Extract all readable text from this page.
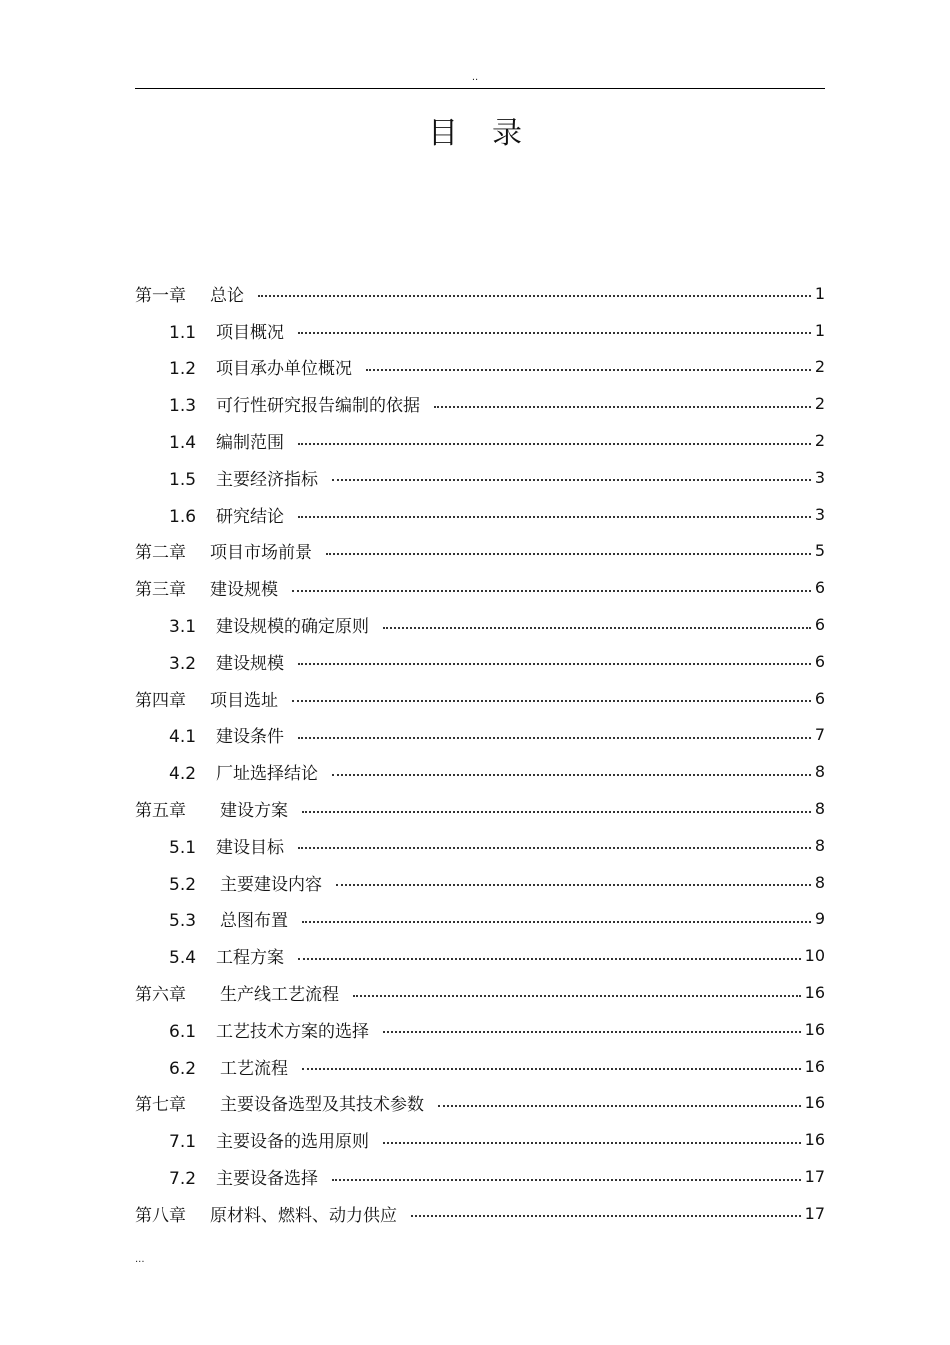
..
目 录
第一章 总论	1
1.1 项目概况	1
1.2 项目承办单位概况	2
1.3 可行性研究报告编制的依据	2
1.4 编制范围	2
1.5 主要经济指标	3
1.6 研究结论	3
第二章 项目市场前景	5
第三章 建设规模	6
3.1 建设规模的确定原则	6
3.2 建设规模	6
第四章 项目选址	6
4.1 建设条件	7
4.2 厂址选择结论	8
第五章 建设方案	8
5.1 建设目标	8
5.2 主要建设内容	8
5.3 总图布置	9
5.4 工程方案	10
第六章 生产线工艺流程	16
6.1 工艺技术方案的选择	16
6.2 工艺流程	16
第七章 主要设备选型及其技术参数	16
7.1 主要设备的选用原则	16
7.2 主要设备选择	17
第八章 原材料、燃料、动力供应	17
...
